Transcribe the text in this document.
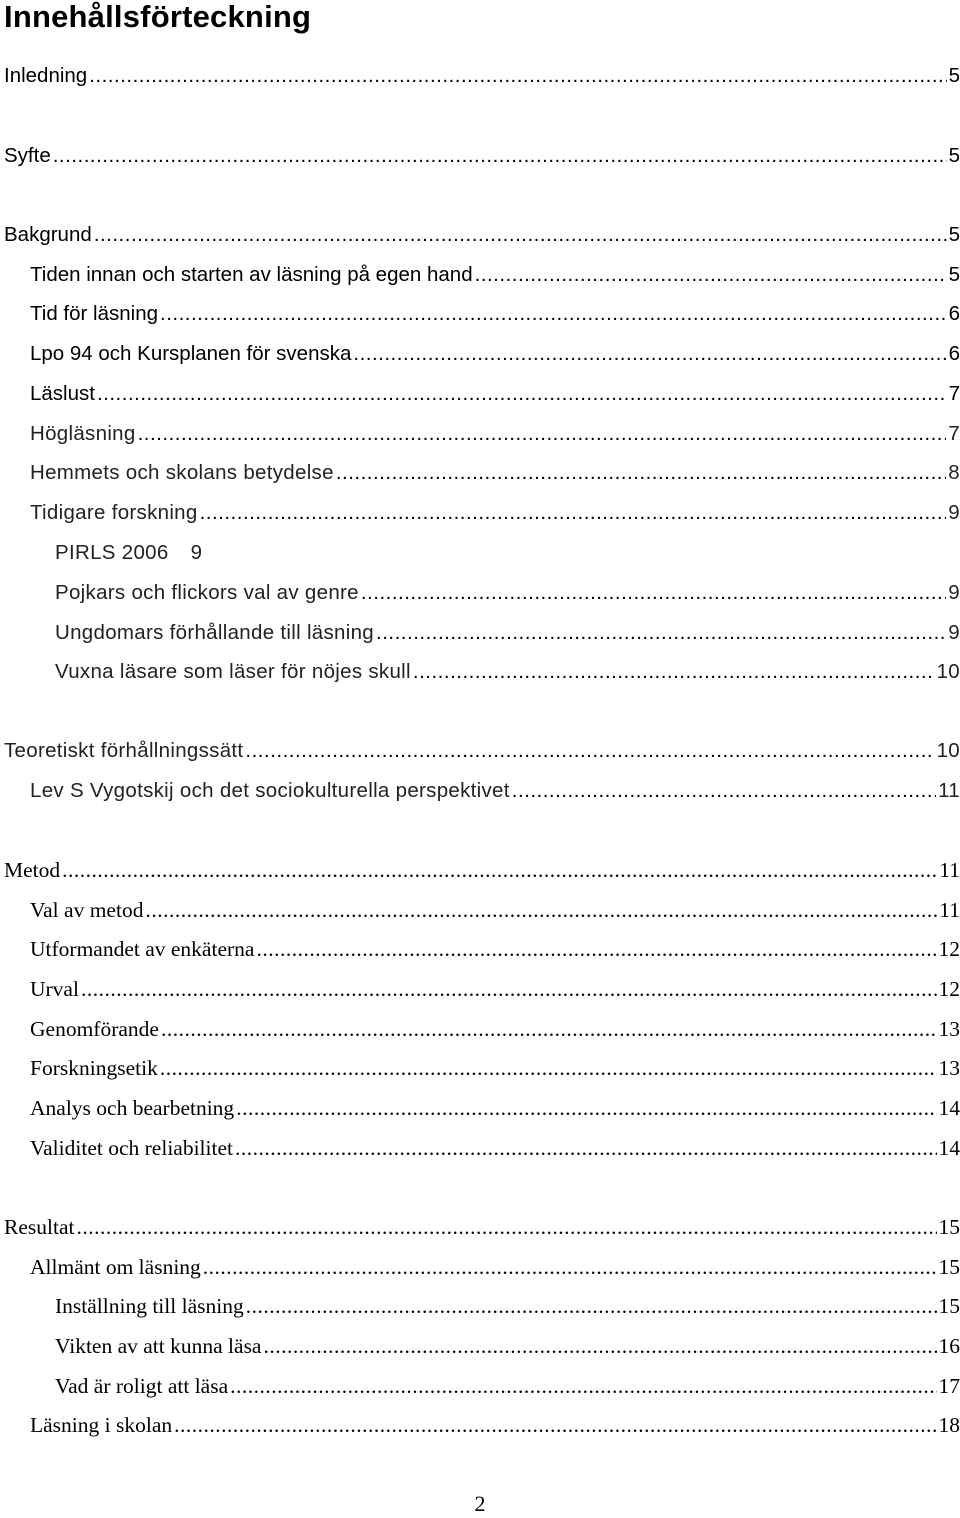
Innehållsförteckning
Inledning .....	5
Syfte .....	5
Bakgrund .....	5
Tiden innan och starten av läsning på egen hand .....	5
Tid för läsning .....	6
Lpo 94 och Kursplanen för svenska .....	6
Läslust .....	7
Högläsning .....	7
Hemmets och skolans betydelse .....	8
Tidigare forskning .....	9
PIRLS 2006 9
Pojkars och flickors val av genre .....	9
Ungdomars förhållande till läsning .....	9
Vuxna läsare som läser för nöjes skull .....	10
Teoretiskt förhållningssätt .....	10
Lev S Vygotskij och det sociokulturella perspektivet .....	11
Metod .....	11
Val av metod .....	11
Utformandet av enkäterna .....	12
Urval .....	12
Genomförande .....	13
Forskningsetik .....	13
Analys och bearbetning .....	14
Validitet och reliabilitet .....	14
Resultat .....	15
Allmänt om läsning .....	15
Inställning till läsning .....	15
Vikten av att kunna läsa .....	16
Vad är roligt att läsa .....	17
Läsning i skolan .....	18
2
